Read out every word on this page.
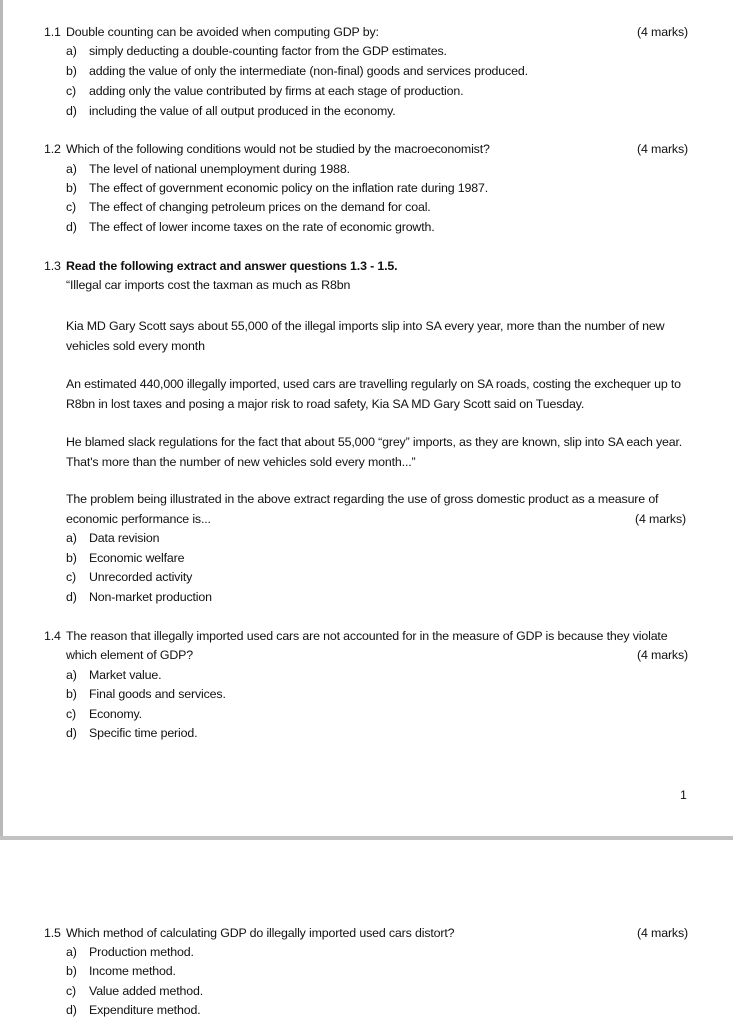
1.1 Double counting can be avoided when computing GDP by:	(4 marks)
a) simply deducting a double-counting factor from the GDP estimates.
b) adding the value of only the intermediate (non-final) goods and services produced.
c) adding only the value contributed by firms at each stage of production.
d) including the value of all output produced in the economy.
1.2 Which of the following conditions would not be studied by the macroeconomist?	(4 marks)
a) The level of national unemployment during 1988.
b) The effect of government economic policy on the inflation rate during 1987.
c) The effect of changing petroleum prices on the demand for coal.
d) The effect of lower income taxes on the rate of economic growth.
1.3 Read the following extract and answer questions 1.3 - 1.5.
“Illegal car imports cost the taxman as much as R8bn
Kia MD Gary Scott says about 55,000 of the illegal imports slip into SA every year, more than the number of new vehicles sold every month
An estimated 440,000 illegally imported, used cars are travelling regularly on SA roads, costing the exchequer up to R8bn in lost taxes and posing a major risk to road safety, Kia SA MD Gary Scott said on Tuesday.
He blamed slack regulations for the fact that about 55,000 “grey” imports, as they are known, slip into SA each year. That's more than the number of new vehicles sold every month...”
The problem being illustrated in the above extract regarding the use of gross domestic product as a measure of
economic performance is...	(4 marks)
a) Data revision
b) Economic welfare
c) Unrecorded activity
d) Non-market production
1.4 The reason that illegally imported used cars are not accounted for in the measure of GDP is because they violate
which element of GDP?	(4 marks)
a) Market value.
b) Final goods and services.
c) Economy.
d) Specific time period.
1
1.5 Which method of calculating GDP do illegally imported used cars distort?	(4 marks)
a) Production method.
b) Income method.
c) Value added method.
d) Expenditure method.
